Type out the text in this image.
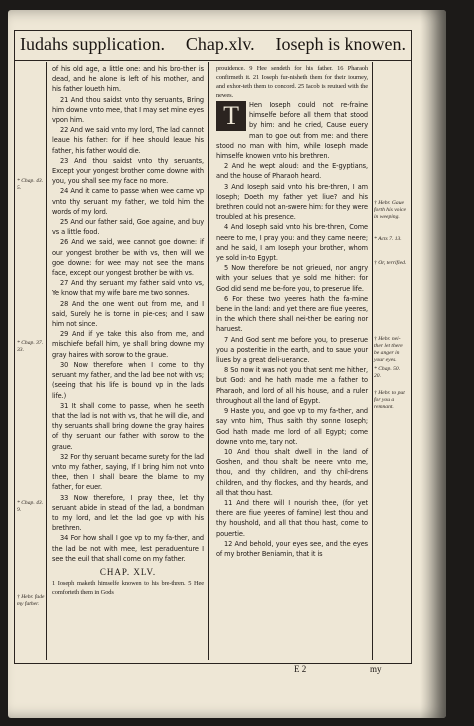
Iudahs supplication. Chap.xlv. Ioseph is knowen.

of his old age, a little one: and his bro-ther is dead, and he alone is left of his mother, and his father loueth him.

21 And thou saidst vnto thy seruants, Bring him downe vnto mee, that I may set mine eyes vpon him.

22 And we said vnto my lord, The lad cannot leaue his father: for if hee should leaue his father, his father would die.

23 And thou saidst vnto thy seruants, Except your yongest brother come downe with you, you shall see my face no more.

24 And it came to passe when wee came vp vnto thy seruant my father, we told him the words of my lord.

25 And our father said, Goe againe, and buy vs a little food.

26 And we said, wee cannot goe downe: if our yongest brother be with vs, then will we goe downe: for wee may not see the mans face, except our yongest brother be with vs.

27 And thy seruant my father said vnto vs, Ye know that my wife bare me two sonnes.

28 And the one went out from me, and I said, Surely he is torne in pie-ces; and I saw him not since.

29 And if ye take this also from me, and mischiefe befall him, ye shall bring downe my gray haires with sorow to the graue.

30 Now therefore when I come to thy seruant my father, and the lad bee not with vs; (seeing that his life is bound vp in the lads life.)

31 It shall come to passe, when he seeth that the lad is not with vs, that he will die, and thy seruants shall bring downe the gray haires of thy seruant our father with sorow to the graue.

32 For thy seruant became surety for the lad vnto my father, saying, If I bring him not vnto thee, then I shall beare the blame to my father, for euer.

33 Now therefore, I pray thee, let thy seruant abide in stead of the lad, a bondman to my lord, and let the lad goe vp with his brethren.

34 For how shall I goe vp to my fa-ther, and the lad be not with mee, lest peraduenture I see the euil that shall come on my father.

CHAP. XLV.

1 Ioseph maketh himselfe knowen to his bre-thren. 5 Hee comforteth them in Gods

prouidence. 9 Hee sendeth for his father. 16 Pharaoh confirmeth it. 21 Ioseph fur-nisheth them for their iourney, and exhor-teth them to concord. 25 Iacob is reuiued with the newes.

T	Hen Ioseph could not re-fraine himselfe before all them that stood by him: and he cried, Cause euery man to goe out from me: and there stood no man with him, while Ioseph made himselfe knowen vnto his brethren.

2 And he wept aloud: and the E-gyptians, and the house of Pharaoh heard.

3 And Ioseph said vnto his bre-thren, I am Ioseph; Doeth my father yet liue? and his brethren could not an-swere him: for they were troubled at his presence.

4 And Ioseph said vnto his bre-thren, Come neere to me, I pray you: and they came neere; and he said, I am Ioseph your brother, whom ye sold in-to Egypt.

5 Now therefore be not grieued, nor angry with your selues that ye sold me hither: for God did send me be-fore you, to preserue life.

6 For these two yeeres hath the fa-mine bene in the land: and yet there are fiue yeeres, in the which there shall nei-ther be earing nor haruest.

7 And God sent me before you, to preserue you a posteritie in the earth, and to saue your liues by a great deli-uerance.

8 So now it was not you that sent me hither, but God: and he hath made me a father to Pharaoh, and lord of all his house, and a ruler throughout all the land of Egypt.

9 Haste you, and goe vp to my fa-ther, and say vnto him, Thus saith thy sonne Ioseph; God hath made me lord of all Egypt; come downe vnto me, tary not.

10 And thou shalt dwell in the land of Goshen, and thou shalt be neere vnto me, thou, and thy children, and thy chil-drens children, and thy flockes, and thy heards, and all that thou hast.

11 And there will I nourish thee, (for yet there are fiue yeeres of famine) lest thou and thy houshold, and all that thou hast, come to pouertie.

12 And behold, your eyes see, and the eyes of my brother Beniamin, that it is

* Chap. 43. 5.
* Chap. 37. 33.
* Chap. 43. 9.
† Hebr. fade my father.
† Hebr. Gaue forth his voice in weeping.
* Acts 7. 13.
† Or, terrified.
† Hebr. nei-ther let there be anger in your eyes.
* Chap. 50. 20.
† Hebr. to put for you a remnant.
E 2	my
